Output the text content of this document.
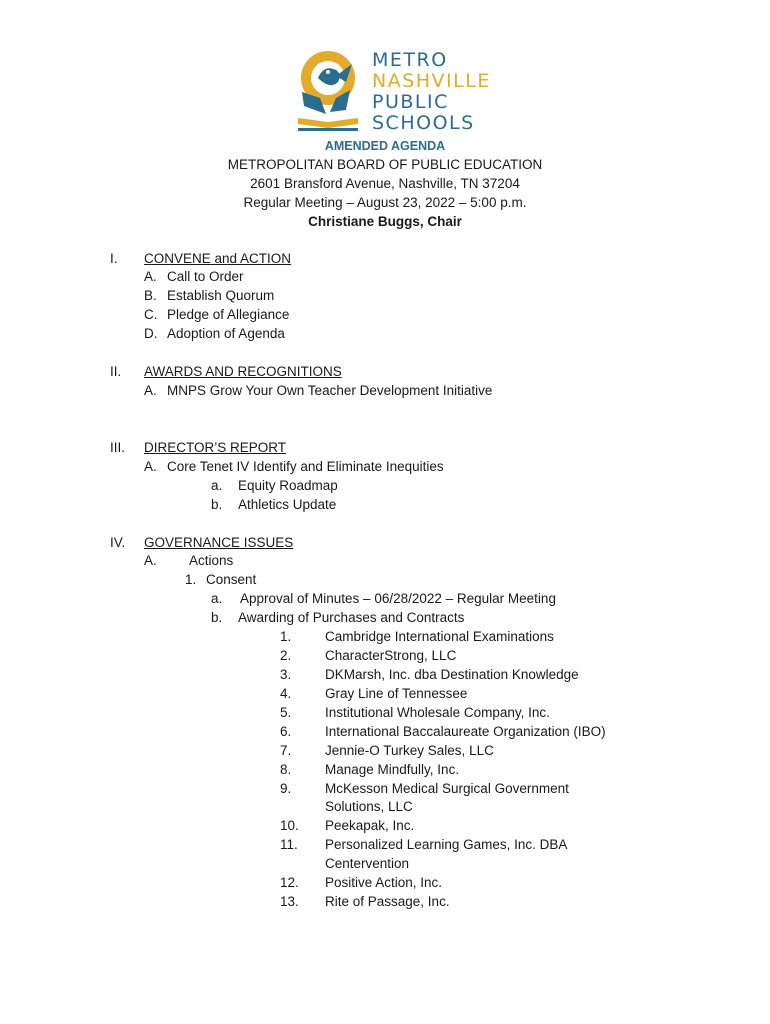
METRO
NASHVILLE
PUBLIC
SCHOOLS
AMENDED AGENDA
METROPOLITAN BOARD OF PUBLIC EDUCATION
2601 Bransford Avenue, Nashville, TN 37204
Regular Meeting – August 23, 2022 – 5:00 p.m.
Christiane Buggs, Chair
I. CONVENE and ACTION
A. Call to Order
B. Establish Quorum
C. Pledge of Allegiance
D. Adoption of Agenda
II. AWARDS AND RECOGNITIONS
A. MNPS Grow Your Own Teacher Development Initiative
III. DIRECTOR’S REPORT
A. Core Tenet IV Identify and Eliminate Inequities
a. Equity Roadmap
b. Athletics Update
IV. GOVERNANCE ISSUES
A. Actions
1. Consent
a. Approval of Minutes – 06/28/2022 – Regular Meeting
b. Awarding of Purchases and Contracts
1. Cambridge International Examinations
2. CharacterStrong, LLC
3. DKMarsh, Inc. dba Destination Knowledge
4. Gray Line of Tennessee
5. Institutional Wholesale Company, Inc.
6. International Baccalaureate Organization (IBO)
7. Jennie-O Turkey Sales, LLC
8. Manage Mindfully, Inc.
9. McKesson Medical Surgical Government
Solutions, LLC
10. Peekapak, Inc.
11. Personalized Learning Games, Inc. DBA
Centervention
12. Positive Action, Inc.
13. Rite of Passage, Inc.
